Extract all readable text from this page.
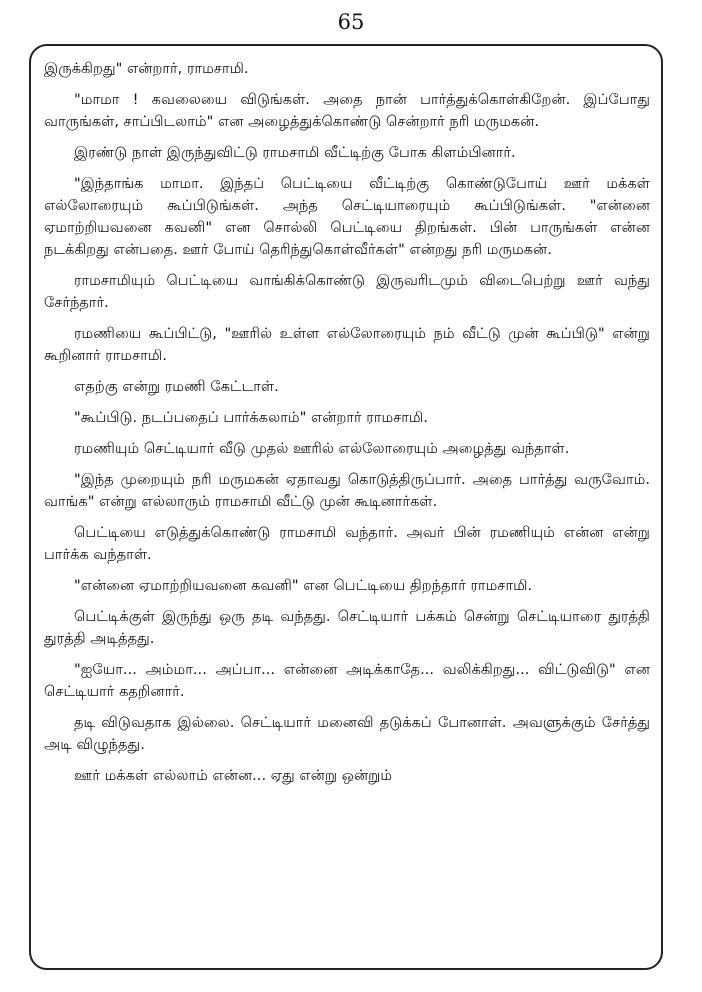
65

இருக்கிறது" என்றார், ராமசாமி.

"மாமா ! கவலையை விடுங்கள். அதை நான் பார்த்துக்கொள்கிறேன். இப்போது வாருங்கள், சாப்பிடலாம்" என அழைத்துக்கொண்டு சென்றார் நரி மருமகன்.

இரண்டு நாள் இருந்துவிட்டு ராமசாமி வீட்டிற்கு போக கிளம்பினார்.

"இந்தாங்க மாமா. இந்தப் பெட்டியை வீட்டிற்கு கொண்டுபோய் ஊர் மக்கள் எல்லோரையும் கூப்பிடுங்கள். அந்த செட்டியாரையும் கூப்பிடுங்கள். "என்னை ஏமாற்றியவனை கவனி" என சொல்லி பெட்டியை திறங்கள். பின் பாருங்கள் என்ன நடக்கிறது என்பதை. ஊர் போய் தெரிந்துகொள்வீர்கள்" என்றது நரி மருமகன்.

ராமசாமியும் பெட்டியை வாங்கிக்கொண்டு இருவரிடமும் விடைபெற்று ஊர் வந்து சேர்ந்தார்.

ரமணியை கூப்பிட்டு, "ஊரில் உள்ள எல்லோரையும் நம் வீட்டு முன் கூப்பிடு" என்று கூறினார் ராமசாமி.

எதற்கு என்று ரமணி கேட்டாள்.

"கூப்பிடு. நடப்பதைப் பார்க்கலாம்" என்றார் ராமசாமி.

ரமணியும் செட்டியார் வீடு முதல் ஊரில் எல்லோரையும் அழைத்து வந்தாள்.

"இந்த முறையும் நரி மருமகன் ஏதாவது கொடுத்திருப்பார். அதை பார்த்து வருவோம். வாங்க" என்று எல்லாரும் ராமசாமி வீட்டு முன் கூடினார்கள்.

பெட்டியை எடுத்துக்கொண்டு ராமசாமி வந்தார். அவர் பின் ரமணியும் என்ன என்று பார்க்க வந்தாள்.

"என்னை ஏமாற்றியவனை கவனி" என பெட்டியை திறந்தார் ராமசாமி.

பெட்டிக்குள் இருந்து ஒரு தடி வந்தது. செட்டியார் பக்கம் சென்று செட்டியாரை துரத்தி துரத்தி அடித்தது.

"ஐயோ... அம்மா... அப்பா... என்னை அடிக்காதே... வலிக்கிறது... விட்டுவிடு" என செட்டியார் கதறினார்.

தடி விடுவதாக இல்லை. செட்டியார் மனைவி தடுக்கப் போனாள். அவளுக்கும் சேர்த்து அடி விழுந்தது.

ஊர் மக்கள் எல்லாம் என்ன... ஏது என்று ஒன்றும்
